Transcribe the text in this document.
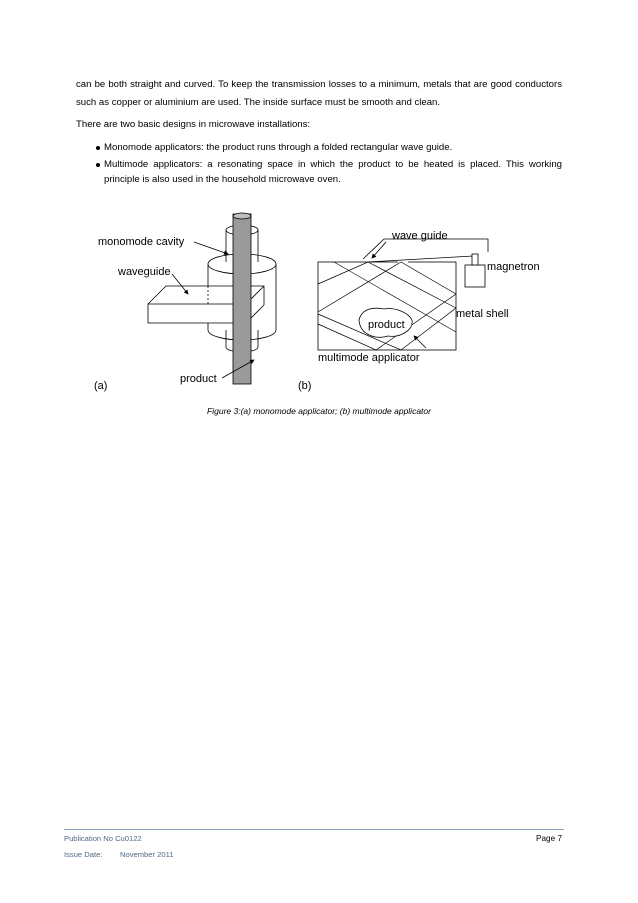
can be both straight and curved. To keep the transmission losses to a minimum, metals that are good conductors such as copper or aluminium are used. The inside surface must be smooth and clean.

There are two basic designs in microwave installations:

Monomode applicators: the product runs through a folded rectangular wave guide.
Multimode applicators: a resonating space in which the product to be heated is placed. This working principle is also used in the household microwave oven.
monomode cavity
waveguide
product
(a)
wave guide
magnetron
metal shell
product
multimode applicator
(b)
Figure 3:(a) monomode applicator; (b) multimode applicator
Publication No Cu0122
Issue Date: November 2011
Page 7
